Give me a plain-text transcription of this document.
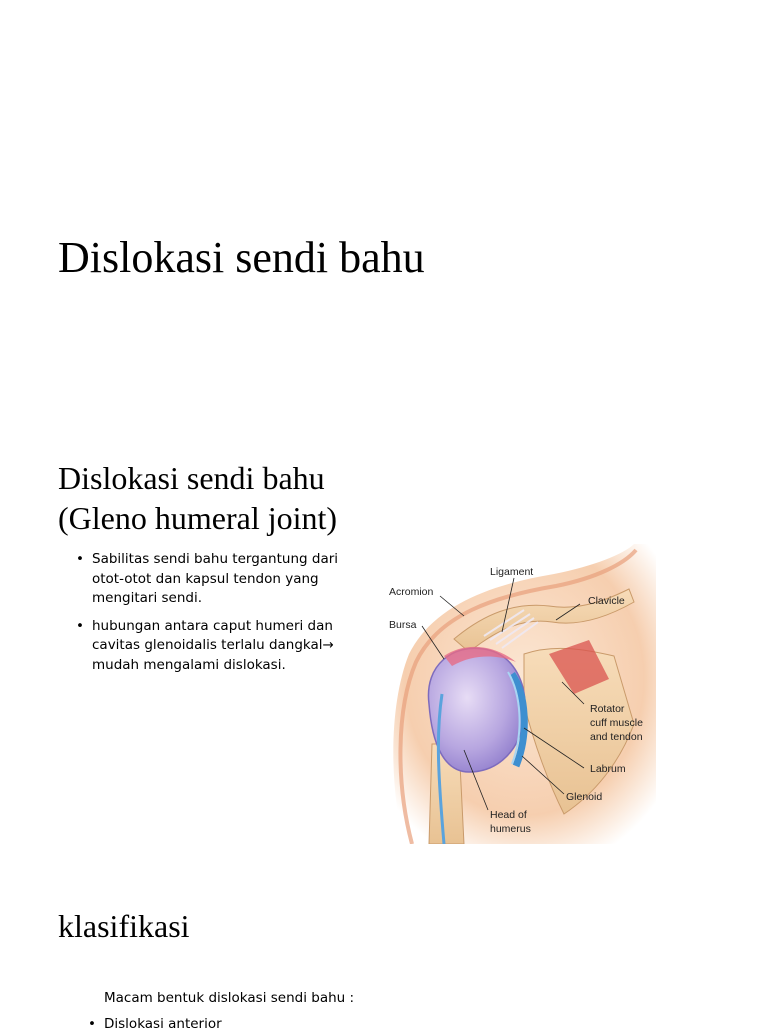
Dislokasi sendi bahu
Dislokasi sendi bahu
(Gleno humeral joint)
• Sabilitas sendi bahu tergantung dari otot-otot dan kapsul tendon yang mengitari sendi.
• hubungan antara caput humeri dan cavitas glenoidalis terlalu dangkal→ mudah mengalami dislokasi.
Ligament
Acromion
Clavicle
Bursa
Rotator
cuff muscle
and tendon
Labrum
Glenoid
Head of
humerus
klasifikasi
Macam bentuk dislokasi sendi bahu :
• Dislokasi anterior
